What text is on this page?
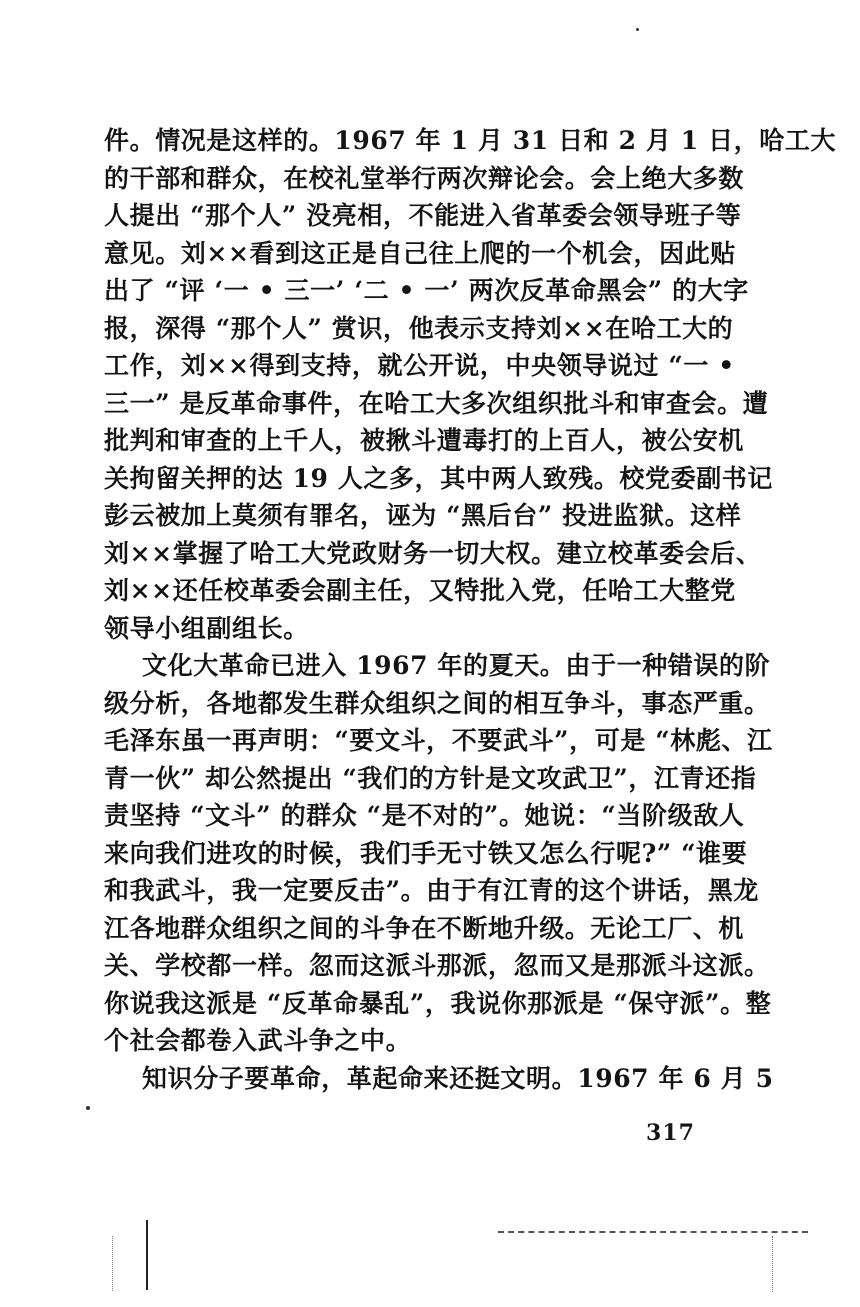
件。情况是这样的。1967 年 1 月 31 日和 2 月 1 日，哈工大
的干部和群众，在校礼堂举行两次辩论会。会上绝大多数
人提出 “那个人” 没亮相，不能进入省革委会领导班子等
意见。刘××看到这正是自己往上爬的一个机会，因此贴
出了 “评 ‘一 • 三一’ ‘二 • 一’ 两次反革命黑会” 的大字
报，深得 “那个人” 赏识，他表示支持刘××在哈工大的
工作，刘××得到支持，就公开说，中央领导说过 “一 •
三一” 是反革命事件，在哈工大多次组织批斗和审查会。遭
批判和审查的上千人，被揪斗遭毒打的上百人，被公安机
关拘留关押的达 19 人之多，其中两人致残。校党委副书记
彭云被加上莫须有罪名，诬为 “黑后台” 投进监狱。这样
刘××掌握了哈工大党政财务一切大权。建立校革委会后、
刘××还任校革委会副主任，又特批入党，任哈工大整党
领导小组副组长。
文化大革命已进入 1967 年的夏天。由于一种错误的阶
级分析，各地都发生群众组织之间的相互争斗，事态严重。
毛泽东虽一再声明：“要文斗，不要武斗”，可是 “林彪、江
青一伙” 却公然提出 “我们的方针是文攻武卫”，江青还指
责坚持 “文斗” 的群众 “是不对的”。她说：“当阶级敌人
来向我们进攻的时候，我们手无寸铁又怎么行呢?” “谁要
和我武斗，我一定要反击”。由于有江青的这个讲话，黑龙
江各地群众组织之间的斗争在不断地升级。无论工厂、机
关、学校都一样。忽而这派斗那派，忽而又是那派斗这派。
你说我这派是 “反革命暴乱”，我说你那派是 “保守派”。整
个社会都卷入武斗争之中。
知识分子要革命，革起命来还挺文明。1967 年 6 月 5
317
